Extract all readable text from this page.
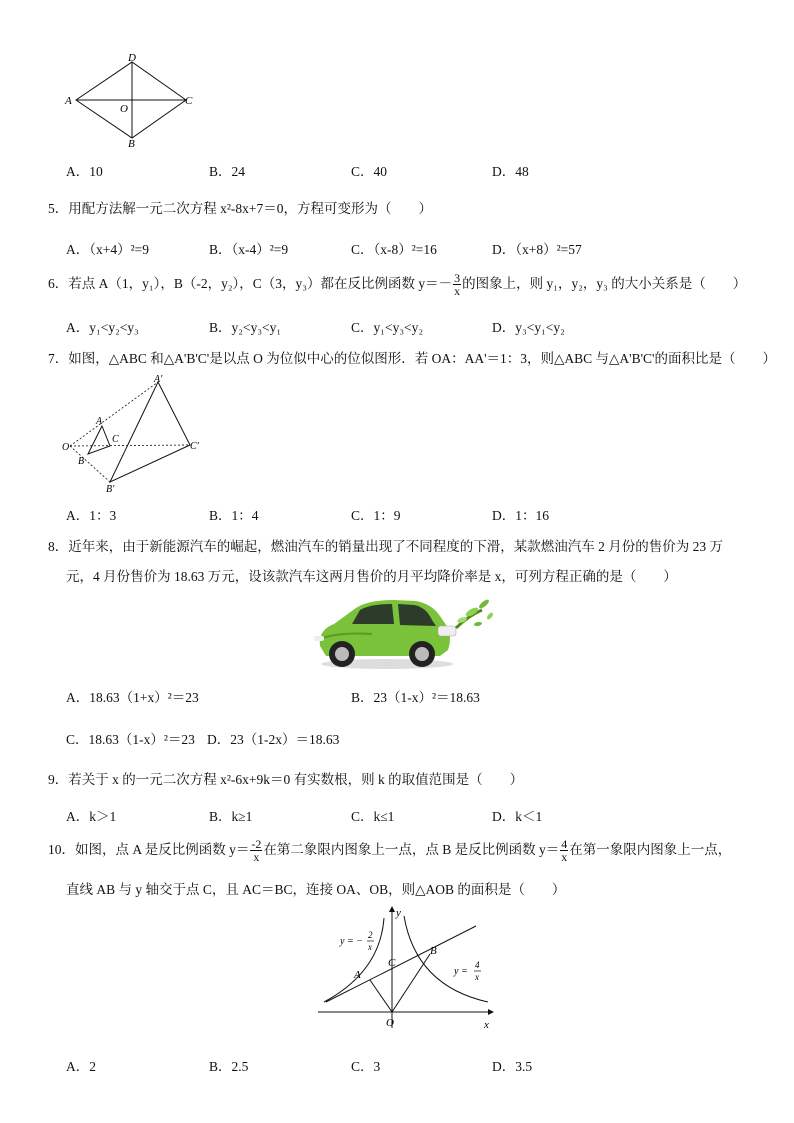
D
A	C
B
O
A．10	B．24	C．40	D．48
5．用配方法解一元二次方程 x²-8x+7＝0，方程可变形为（　　）
A．（x+4）²=9	B．（x-4）²=9	C．（x-8）²=16	D．（x+8）²=57
6．若点 A（1，y₁），B（-2，y₂），C（3，y₃）都在反比例函数 $y=- \frac{3}{x}$ 的图象上，则 y₁，y₂，y₃ 的大小关系是（　　）
A．y₁<y₂<y₃	B．y₂<y₃<y₁	C．y₁<y₃<y₂	D．y₃<y₁<y₂
7．如图，△ABC 和△A'B'C'是以点 O 为位似中心的位似图形．若 OA：AA'＝1：3，则△ABC 与△A'B'C'的面积比是（　　）
A′
A
C
C′
O
B
B′
A．1：3	B．1：4	C．1：9	D．1：16
8．近年来，由于新能源汽车的崛起，燃油汽车的销量出现了不同程度的下滑，某款燃油汽车 2 月份的售价为 23 万
元，4 月份售价为 18.63 万元，设该款汽车这两月售价的月平均降价率是 x，可列方程正确的是（　　）
A．18.63（1+x）²＝23	B．23（1-x）²＝18.63
C．18.63（1-x）²＝23 D．23（1-2x）＝18.63
9．若关于 x 的一元二次方程 x²-6x+9k＝0 有实数根，则 k 的取值范围是（　　）
A．k＞1	B．k≥1	C．k≤1	D．k＜1
10．如图，点 A 是反比例函数 $y= \frac{-2}{x}$ 在第二象限内图象上一点，点 B 是反比例函数 $y= \frac{4}{x}$ 在第一象限内图象上一点，
直线 AB 与 y 轴交于点 C，且 AC＝BC，连接 OA、OB，则△AOB 的面积是（　　）
y
x
O
A
B
C
y = −
2
x
y =
4
x
A．2	B．2.5	C．3	D．3.5
